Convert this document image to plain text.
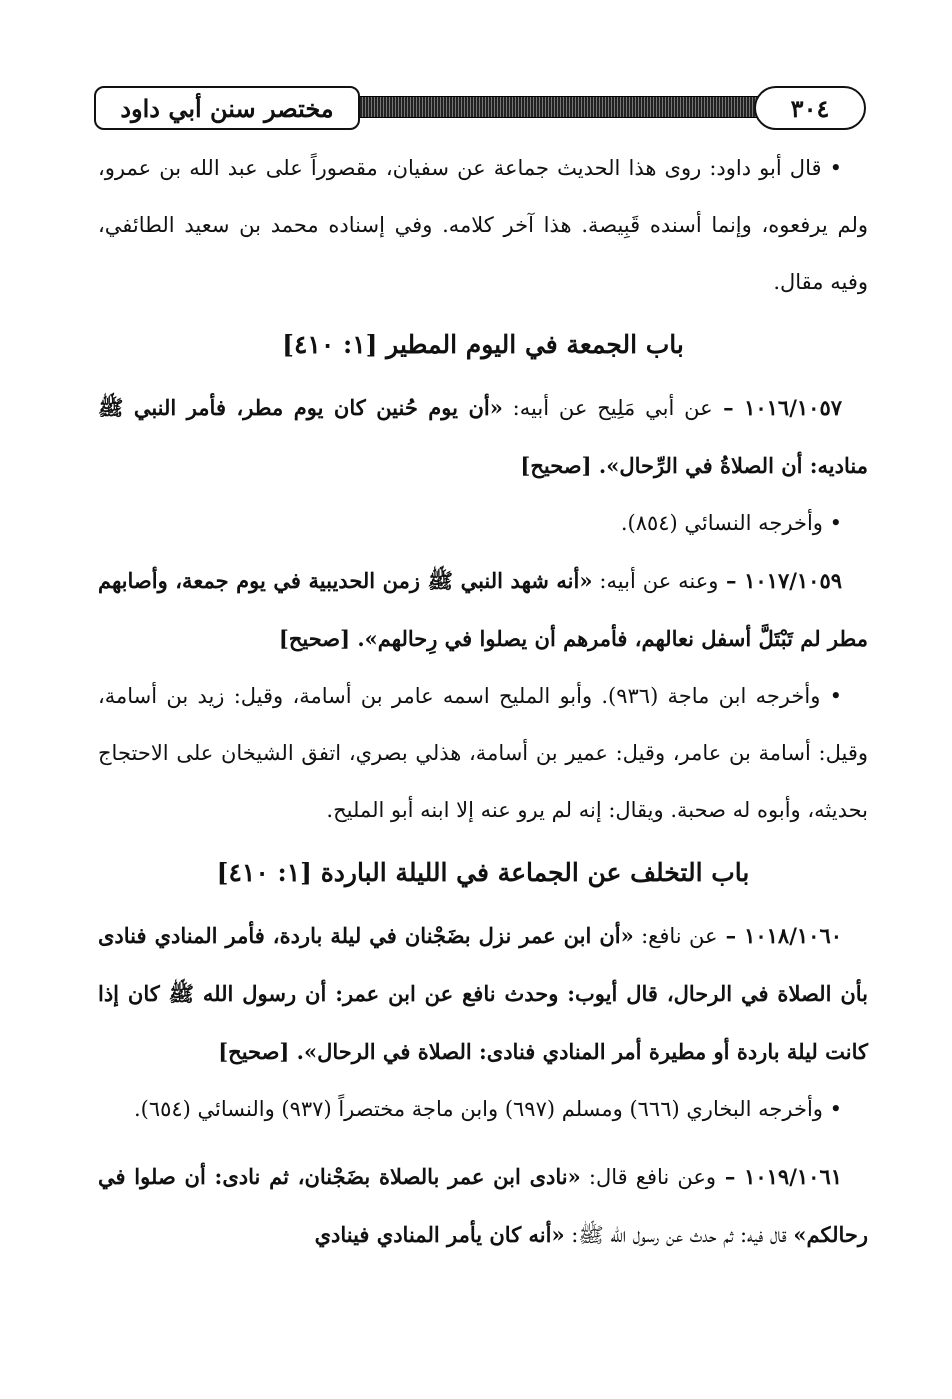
مختصر سنن أبي داود	٣٠٤

• قال أبو داود: روى هذا الحديث جماعة عن سفيان، مقصوراً على عبد الله بن عمرو، ولم يرفعوه، وإنما أسنده قَبِيصة. هذا آخر كلامه. وفي إسناده محمد بن سعيد الطائفي، وفيه مقال.

باب الجمعة في اليوم المطير [١: ٤١٠]

١٠١٦/١٠٥٧ – عن أبي مَلِيح عن أبيه: «أن يوم حُنين كان يوم مطر، فأمر النبي ﷺ مناديه: أن الصلاةُ في الرِّحال». [صحيح]

• وأخرجه النسائي (٨٥٤).

١٠١٧/١٠٥٩ – وعنه عن أبيه: «أنه شهد النبي ﷺ زمن الحديبية في يوم جمعة، وأصابهم مطر لم تَبْتَلَّ أسفل نعالهم، فأمرهم أن يصلوا في رِحالهم». [صحيح]

• وأخرجه ابن ماجة (٩٣٦). وأبو المليح اسمه عامر بن أسامة، وقيل: زيد بن أسامة، وقيل: أسامة بن عامر، وقيل: عمير بن أسامة، هذلي بصري، اتفق الشيخان على الاحتجاج بحديثه، وأبوه له صحبة. ويقال: إنه لم يرو عنه إلا ابنه أبو المليح.

باب التخلف عن الجماعة في الليلة الباردة [١: ٤١٠]

١٠١٨/١٠٦٠ – عن نافع: «أن ابن عمر نزل بضَجْنان في ليلة باردة، فأمر المنادي فنادى بأن الصلاة في الرحال، قال أيوب: وحدث نافع عن ابن عمر: أن رسول الله ﷺ كان إذا كانت ليلة باردة أو مطيرة أمر المنادي فنادى: الصلاة في الرحال». [صحيح]

• وأخرجه البخاري (٦٦٦) ومسلم (٦٩٧) وابن ماجة مختصراً (٩٣٧) والنسائي (٦٥٤).

١٠١٩/١٠٦١ – وعن نافع قال: «نادى ابن عمر بالصلاة بضَجْنان، ثم نادى: أن صلوا في رحالكم» قال فيه: ثم حدث عن رسول الله ﷺ: «أنه كان يأمر المنادي فينادي
